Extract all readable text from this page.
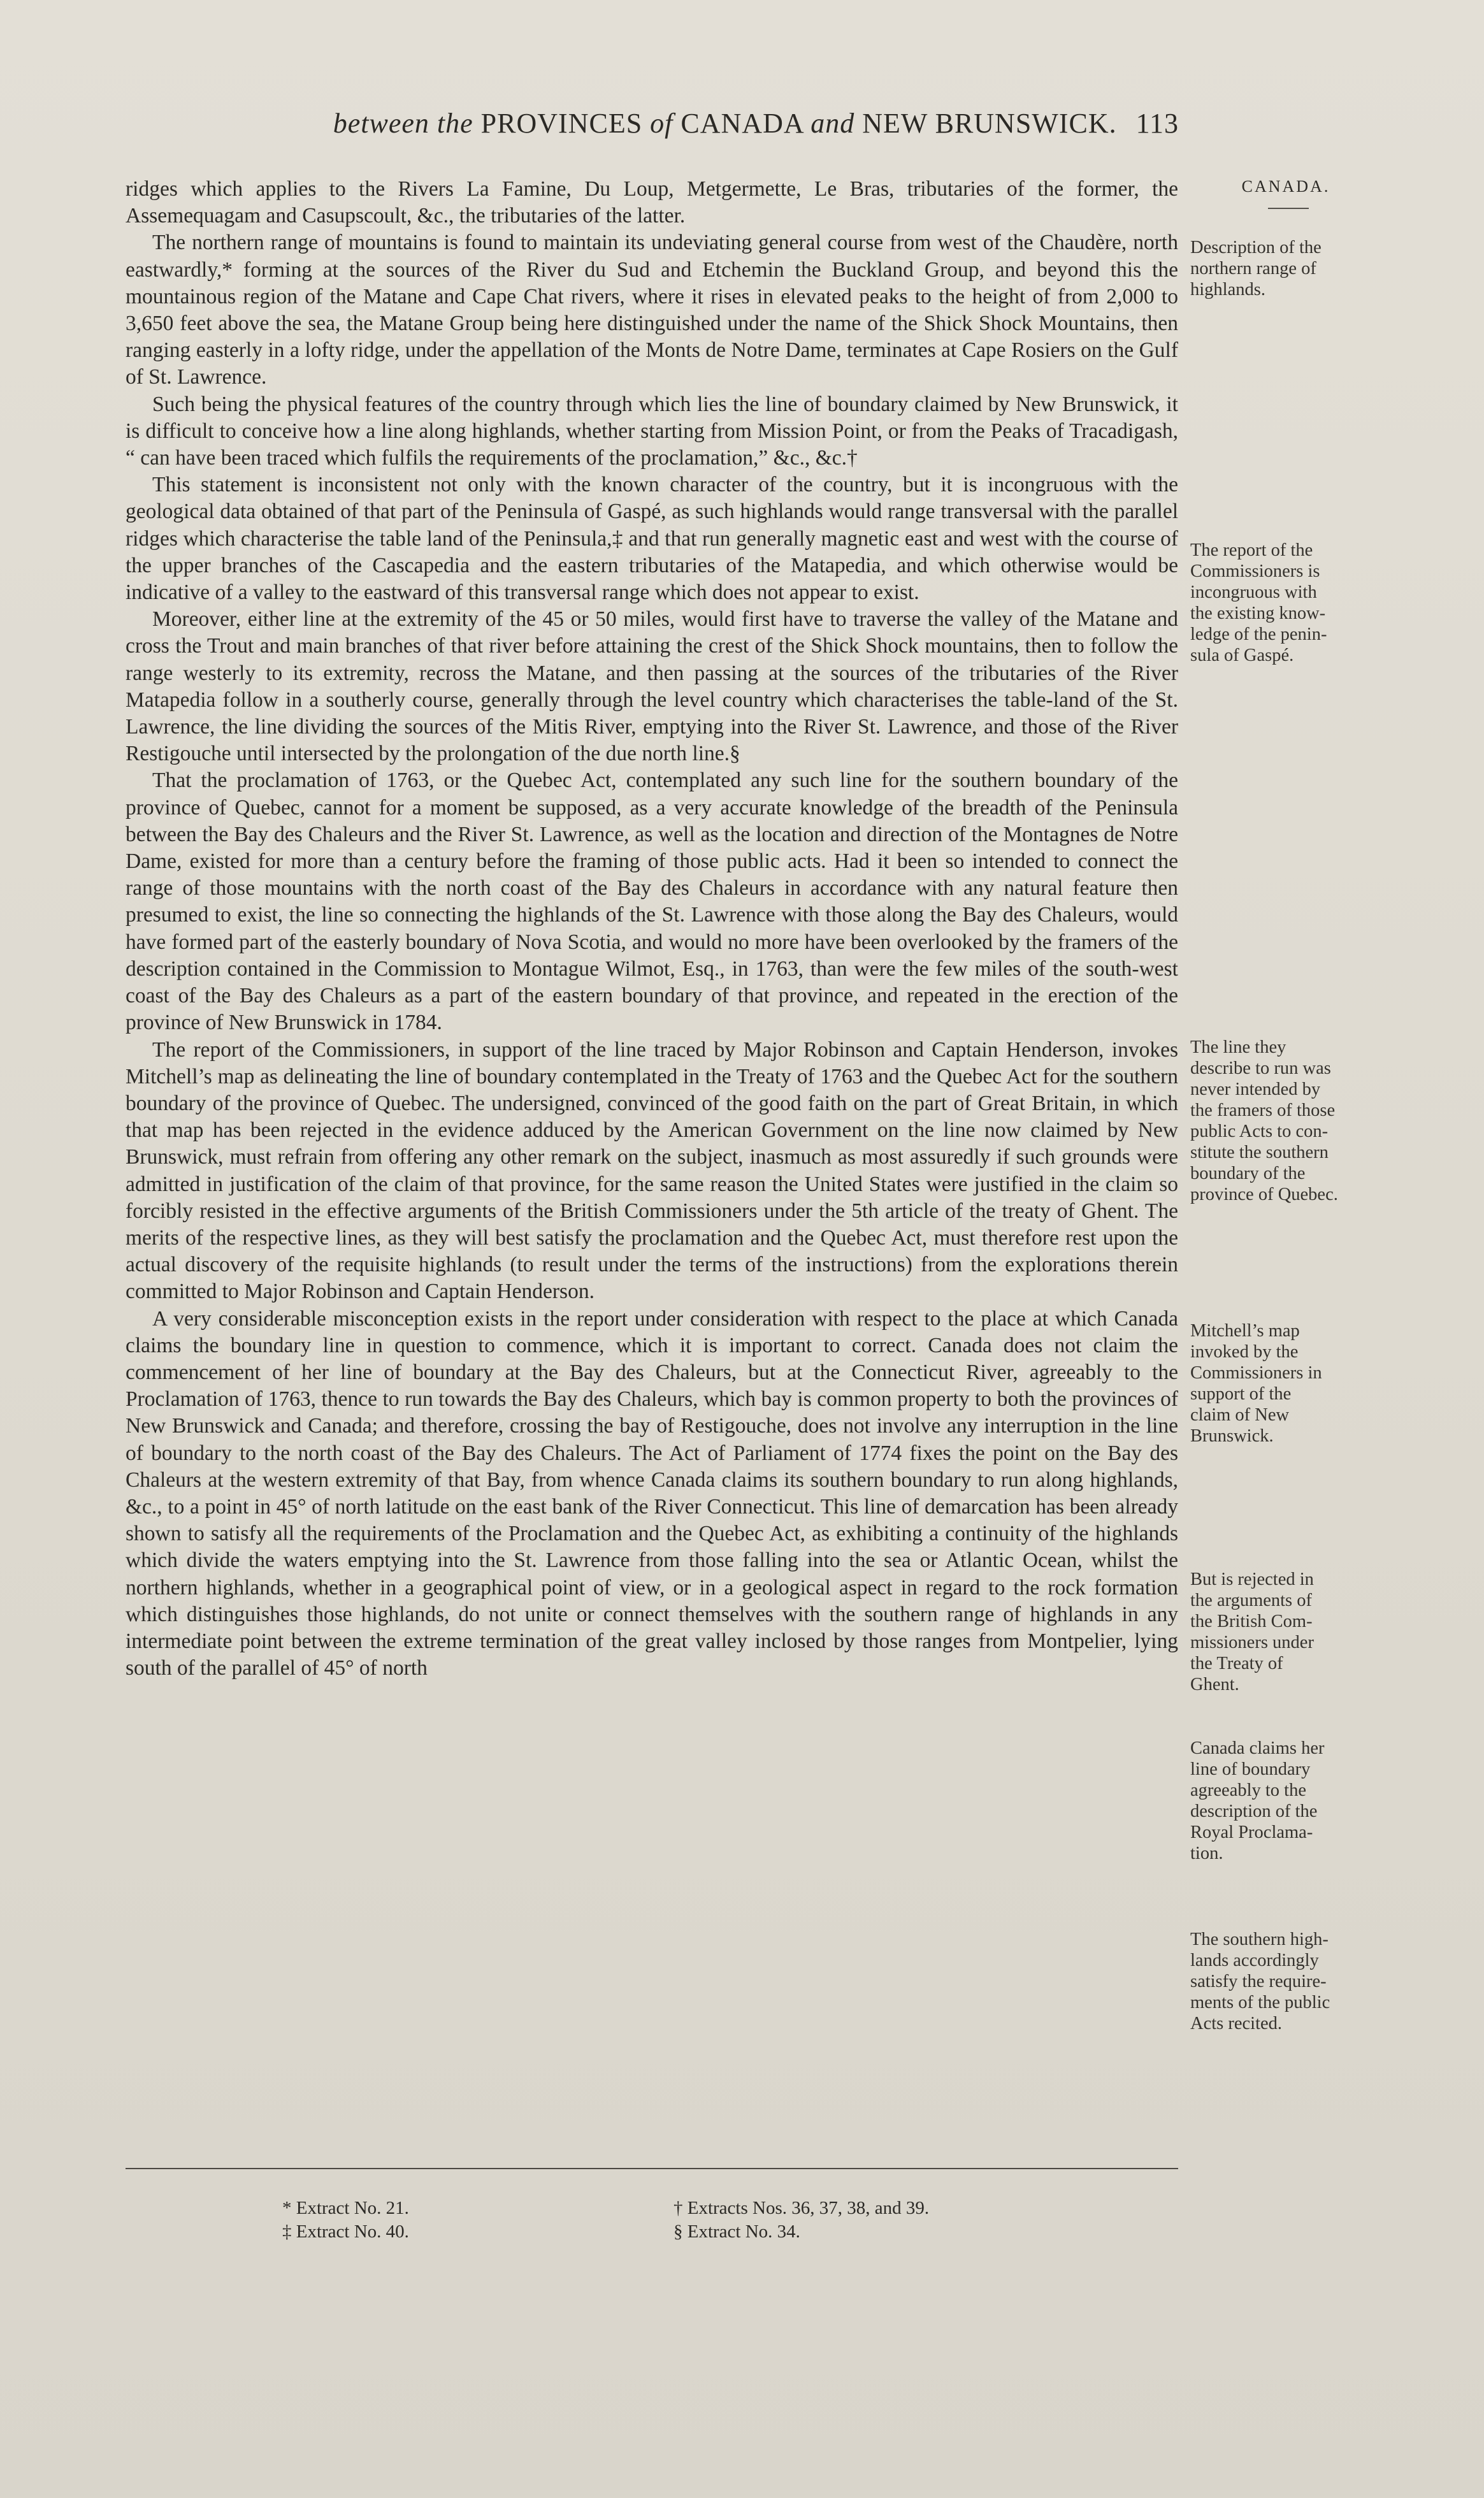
between the PROVINCES of CANADA and NEW BRUNSWICK. 113
CANADA.

ridges which applies to the Rivers La Famine, Du Loup, Metgermette, Le Bras, tributaries of the former, the Assemequagam and Casupscoult, &c., the tributaries of the latter.

The northern range of mountains is found to maintain its undeviating general course from west of the Chaudère, north eastwardly,* forming at the sources of the River du Sud and Etchemin the Buckland Group, and beyond this the mountainous region of the Matane and Cape Chat rivers, where it rises in elevated peaks to the height of from 2,000 to 3,650 feet above the sea, the Matane Group being here distinguished under the name of the Shick Shock Mountains, then ranging easterly in a lofty ridge, under the appellation of the Monts de Notre Dame, terminates at Cape Rosiers on the Gulf of St. Lawrence.

Such being the physical features of the country through which lies the line of boundary claimed by New Brunswick, it is difficult to conceive how a line along highlands, whether starting from Mission Point, or from the Peaks of Tracadigash, “ can have been traced which fulfils the requirements of the proclamation,” &c., &c.†

This statement is inconsistent not only with the known character of the country, but it is incongruous with the geological data obtained of that part of the Peninsula of Gaspé, as such highlands would range transversal with the parallel ridges which characterise the table land of the Peninsula,‡ and that run generally magnetic east and west with the course of the upper branches of the Cascapedia and the eastern tributaries of the Matapedia, and which otherwise would be indicative of a valley to the eastward of this transversal range which does not appear to exist.

Moreover, either line at the extremity of the 45 or 50 miles, would first have to traverse the valley of the Matane and cross the Trout and main branches of that river before attaining the crest of the Shick Shock mountains, then to follow the range westerly to its extremity, recross the Matane, and then passing at the sources of the tributaries of the River Matapedia follow in a southerly course, generally through the level country which characterises the table-land of the St. Lawrence, the line dividing the sources of the Mitis River, emptying into the River St. Lawrence, and those of the River Restigouche until intersected by the prolongation of the due north line.§

That the proclamation of 1763, or the Quebec Act, contemplated any such line for the southern boundary of the province of Quebec, cannot for a moment be supposed, as a very accurate knowledge of the breadth of the Peninsula between the Bay des Chaleurs and the River St. Lawrence, as well as the location and direction of the Montagnes de Notre Dame, existed for more than a century before the framing of those public acts. Had it been so intended to connect the range of those mountains with the north coast of the Bay des Chaleurs in accordance with any natural feature then presumed to exist, the line so connecting the highlands of the St. Lawrence with those along the Bay des Chaleurs, would have formed part of the easterly boundary of Nova Scotia, and would no more have been overlooked by the framers of the description contained in the Commission to Montague Wilmot, Esq., in 1763, than were the few miles of the south-west coast of the Bay des Chaleurs as a part of the eastern boundary of that province, and repeated in the erection of the province of New Brunswick in 1784.

The report of the Commissioners, in support of the line traced by Major Robinson and Captain Henderson, invokes Mitchell’s map as delineating the line of boundary contemplated in the Treaty of 1763 and the Quebec Act for the southern boundary of the province of Quebec. The undersigned, convinced of the good faith on the part of Great Britain, in which that map has been rejected in the evidence adduced by the American Government on the line now claimed by New Brunswick, must refrain from offering any other remark on the subject, inasmuch as most assuredly if such grounds were admitted in justification of the claim of that province, for the same reason the United States were justified in the claim so forcibly resisted in the effective arguments of the British Commissioners under the 5th article of the treaty of Ghent. The merits of the respective lines, as they will best satisfy the proclamation and the Quebec Act, must therefore rest upon the actual discovery of the requisite highlands (to result under the terms of the instructions) from the explorations therein committed to Major Robinson and Captain Henderson.

A very considerable misconception exists in the report under consideration with respect to the place at which Canada claims the boundary line in question to commence, which it is important to correct. Canada does not claim the commencement of her line of boundary at the Bay des Chaleurs, but at the Connecticut River, agreeably to the Proclamation of 1763, thence to run towards the Bay des Chaleurs, which bay is common property to both the provinces of New Brunswick and Canada; and therefore, crossing the bay of Restigouche, does not involve any interruption in the line of boundary to the north coast of the Bay des Chaleurs. The Act of Parliament of 1774 fixes the point on the Bay des Chaleurs at the western extremity of that Bay, from whence Canada claims its southern boundary to run along highlands, &c., to a point in 45° of north latitude on the east bank of the River Connecticut. This line of demarcation has been already shown to satisfy all the requirements of the Proclamation and the Quebec Act, as exhibiting a continuity of the highlands which divide the waters emptying into the St. Lawrence from those falling into the sea or Atlantic Ocean, whilst the northern highlands, whether in a geographical point of view, or in a geological aspect in regard to the rock formation which distinguishes those highlands, do not unite or connect themselves with the southern range of highlands in any intermediate point between the extreme termination of the great valley inclosed by those ranges from Montpelier, lying south of the parallel of 45° of north

Description of the
northern range of
highlands.
The report of the
Commissioners is
incongruous with
the existing know-
ledge of the penin-
sula of Gaspé.
The line they
describe to run was
never intended by
the framers of those
public Acts to con-
stitute the southern
boundary of the
province of Quebec.
Mitchell’s map
invoked by the
Commissioners in
support of the
claim of New
Brunswick.
But is rejected in
the arguments of
the British Com-
missioners under
the Treaty of
Ghent.
Canada claims her
line of boundary
agreeably to the
description of the
Royal Proclama-
tion.
The southern high-
lands accordingly
satisfy the require-
ments of the public
Acts recited.
* Extract No. 21.	† Extracts Nos. 36, 37, 38, and 39.
‡ Extract No. 40.	§ Extract No. 34.
